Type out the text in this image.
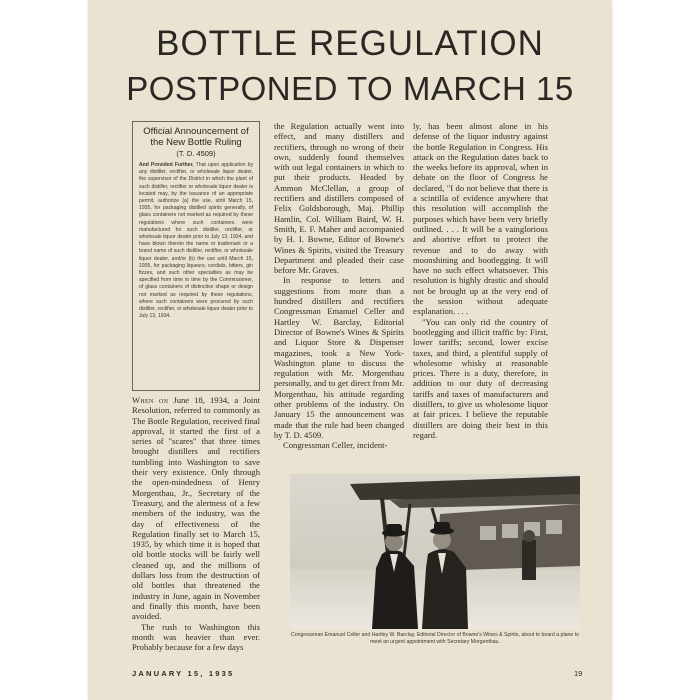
BOTTLE REGULATION
POSTPONED TO MARCH 15
Official Announcement of
the New Bottle Ruling
(T. D. 4509)

And Provided Further, That upon application by any distiller, rectifier, or wholesale liquor dealer, the supervisor of the District in which the plant of such distiller, rectifier or wholesale liquor dealer is located may, by the issuance of an appropriate permit, authorize (a) the use, until March 15, 1935, for packaging distilled spirits generally, of glass containers not marked as required by these regulations where such containers were manufactured for such distiller, rectifier, or wholesale liquor dealer prior to July 13, 1934, and have blown therein the name or trademark or a brand name of such distiller, rectifier, or wholesale liquor dealer, and/or (b) the use until March 15, 1935, for packaging liqueurs, cordials, bitters, gin fizzes, and such other specialties as may be specified from time to time by the Commissioner, of glass containers of distinctive shape or design not marked as required by these regulations, where such containers were procured by such distiller, rectifier, or wholesale liquor dealer prior to July 13, 1934.

When on June 18, 1934, a Joint Resolution, referred to commonly as The Bottle Regulation, received final approval, it started the first of a series of "scares" that three times brought distillers and rectifiers tumbling into Washington to save their very existence. Only through the open-mindedness of Henry Morgenthau, Jr., Secretary of the Treasury, and the alertness of a few members of the industry, was the day of effectiveness of the Regulation finally set to March 15, 1935, by which time it is hoped that old bottle stocks will be fairly well cleaned up, and the millions of dollars loss from the destruction of old bottles that threatened the industry in June, again in November and finally this month, have been avoided.

The rush to Washington this month was heavier than ever. Probably because for a few days

the Regulation actually went into effect, and many distillers and rectifiers, through no wrong of their own, suddenly found themselves with out legal containers in which to put their products. Headed by Ammon McClellan, a group of rectifiers and distillers composed of Felix Goldsborough, Maj. Phillip Hamlin, Col. William Baird, W. H. Smith, E. F. Maher and accompanied by H. I. Bowne, Editor of Bowne's Wines & Spirits, visited the Treasury Department and pleaded their case before Mr. Graves.

In response to letters and suggestions from more than a hundred distillers and rectifiers Congressman Emanuel Celler and Hartley W. Barclay, Editorial Director of Bowne's Wines & Spirits and Liquor Store & Dispenser magazines, took a New York-Washington plane to discuss the regulation with Mr. Morgenthau personally, and to get direct from Mr. Morgenthau, his attitude regarding other problems of the industry. On January 15 the announcement was made that the rule had been changed by T. D. 4509.

Congressman Celler, incident-

ly, has been almost alone in his defense of the liquor industry against the bottle Regulation in Congress. His attack on the Regulation dates back to the weeks before its approval, when in debate on the floor of Congress he declared, "I do not believe that there is a scintilla of evidence anywhere that this resolution will accomplish the purposes which have been very briefly outlined. . . . It will be a vainglorious and abortive effort to protect the revenue and to do away with moonshining and bootlegging. It will have no such effect whatsoever. This resolution is highly drastic and should not be brought up at the very end of the session without adequate explanation. . . .

"You can only rid the country of bootlegging and illicit traffic by: First, lower tariffs; second, lower excise taxes, and third, a plentiful supply of wholesome whisky at reasonable prices. There is a duty, therefore, in addition to our duty of decreasing tariffs and taxes of manufacturers and distillers, to give us wholesome liquor at fair prices. I believe the reputable distillers are doing their best in this regard.

Congressman Emanuel Celler and Hartley W. Barclay, Editorial Director of Bowne's Wines & Spirits, about to board a plane to meet an urgent appointment with Secretary Morgenthau.

JANUARY 15, 1935	19
